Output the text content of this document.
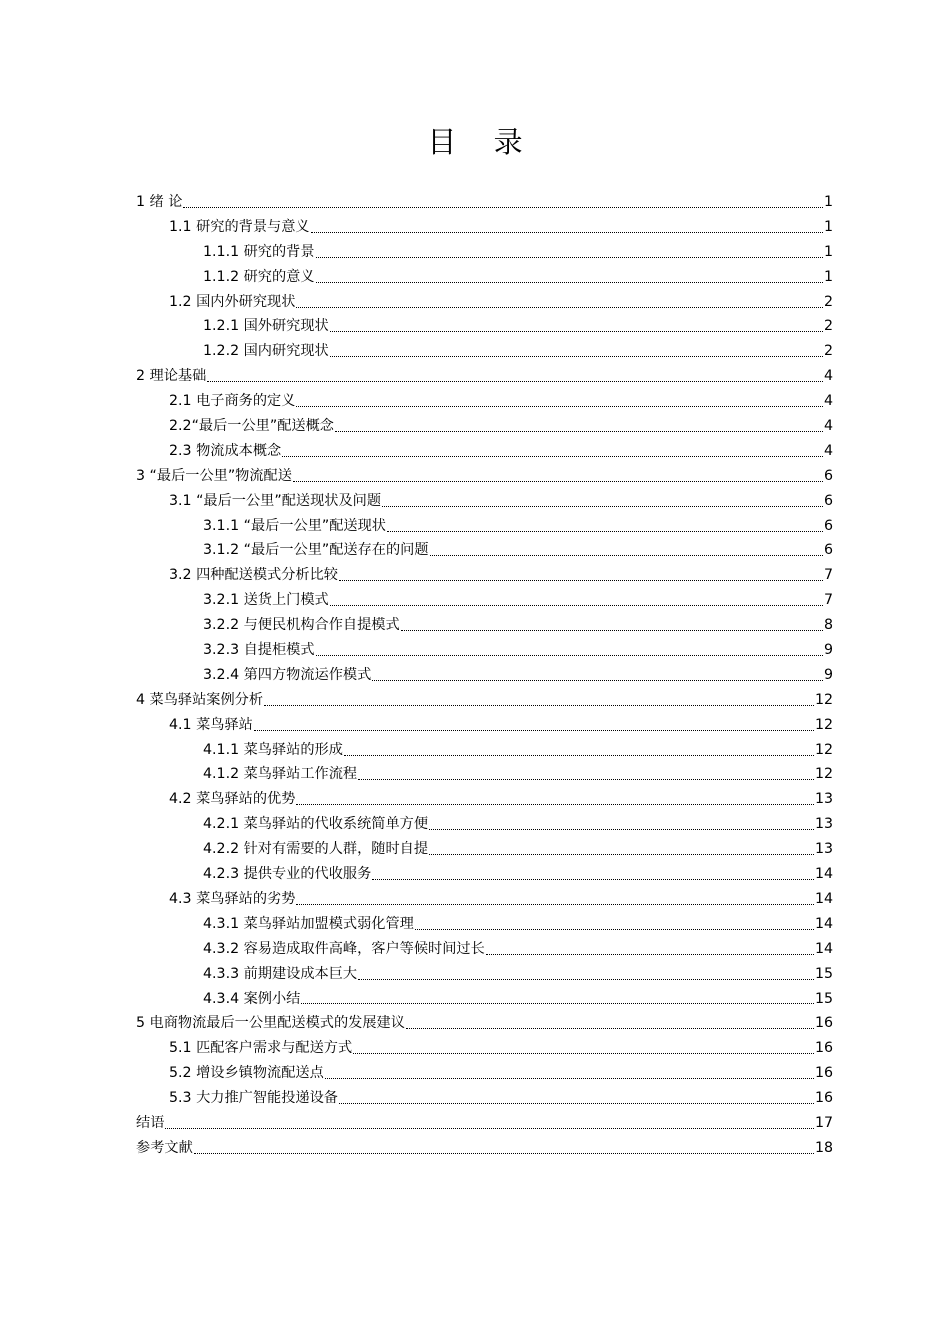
目 录
1 绪 论	1
1.1 研究的背景与意义	1
1.1.1 研究的背景	1
1.1.2 研究的意义	1
1.2 国内外研究现状	2
1.2.1 国外研究现状	2
1.2.2 国内研究现状	2
2 理论基础	4
2.1 电子商务的定义	4
2.2“最后一公里”配送概念	4
2.3 物流成本概念	4
3 “最后一公里”物流配送	6
3.1 “最后一公里”配送现状及问题	6
3.1.1 “最后一公里”配送现状	6
3.1.2 “最后一公里”配送存在的问题	6
3.2 四种配送模式分析比较	7
3.2.1 送货上门模式	7
3.2.2 与便民机构合作自提模式	8
3.2.3 自提柜模式	9
3.2.4 第四方物流运作模式	9
4 菜鸟驿站案例分析	12
4.1 菜鸟驿站	12
4.1.1 菜鸟驿站的形成	12
4.1.2 菜鸟驿站工作流程	12
4.2 菜鸟驿站的优势	13
4.2.1 菜鸟驿站的代收系统简单方便	13
4.2.2 针对有需要的人群，随时自提	13
4.2.3 提供专业的代收服务	14
4.3 菜鸟驿站的劣势	14
4.3.1 菜鸟驿站加盟模式弱化管理	14
4.3.2 容易造成取件高峰，客户等候时间过长	14
4.3.3 前期建设成本巨大	15
4.3.4 案例小结	15
5 电商物流最后一公里配送模式的发展建议	16
5.1 匹配客户需求与配送方式	16
5.2 增设乡镇物流配送点	16
5.3 大力推广智能投递设备	16
结语	17
参考文献	18
